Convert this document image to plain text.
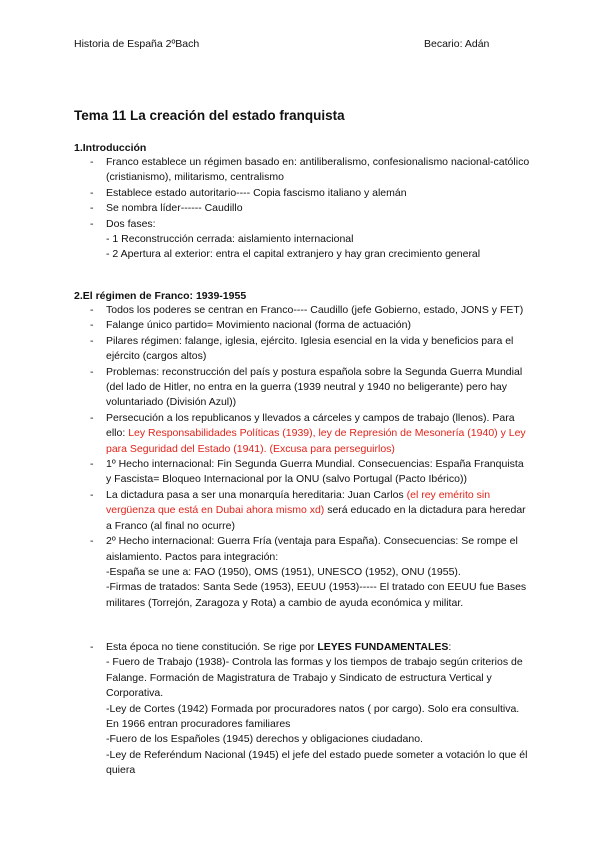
Historia de España 2ºBach	Becario: Adán
Tema 11 La creación del estado franquista
1.Introducción
- Franco establece un régimen basado en: antiliberalismo, confesionalismo nacional-católico (cristianismo), militarismo, centralismo
- Establece estado autoritario---- Copia fascismo italiano y alemán
- Se nombra líder------ Caudillo
- Dos fases:
- 1 Reconstrucción cerrada: aislamiento internacional
- 2 Apertura al exterior: entra el capital extranjero y hay gran crecimiento general
2.El régimen de Franco: 1939-1955
- Todos los poderes se centran en Franco---- Caudillo (jefe Gobierno, estado, JONS y FET)
- Falange único partido= Movimiento nacional (forma de actuación)
- Pilares régimen: falange, iglesia, ejército. Iglesia esencial en la vida y beneficios para el ejército (cargos altos)
- Problemas: reconstrucción del país y postura española sobre la Segunda Guerra Mundial (del lado de Hitler, no entra en la guerra (1939 neutral y 1940 no beligerante) pero hay voluntariado (División Azul))
- Persecución a los republicanos y llevados a cárceles y campos de trabajo (llenos). Para ello: Ley Responsabilidades Políticas (1939), ley de Represión de Mesonería (1940) y Ley para Seguridad del Estado (1941). (Excusa para perseguirlos)
- 1º Hecho internacional: Fin Segunda Guerra Mundial. Consecuencias: España Franquista y Fascista= Bloqueo Internacional por la ONU (salvo Portugal (Pacto Ibérico))
- La dictadura pasa a ser una monarquía hereditaria: Juan Carlos (el rey emérito sin vergüenza que está en Dubai ahora mismo xd) será educado en la dictadura para heredar a Franco (al final no ocurre)
- 2º Hecho internacional: Guerra Fría (ventaja para España). Consecuencias: Se rompe el aislamiento. Pactos para integración:
-España se une a: FAO (1950), OMS (1951), UNESCO (1952), ONU (1955).
-Firmas de tratados: Santa Sede (1953), EEUU (1953)----- El tratado con EEUU fue Bases militares (Torrejón, Zaragoza y Rota) a cambio de ayuda económica y militar.
- Esta época no tiene constitución. Se rige por LEYES FUNDAMENTALES:
- Fuero de Trabajo (1938)- Controla las formas y los tiempos de trabajo según criterios de Falange. Formación de Magistratura de Trabajo y Sindicato de estructura Vertical y Corporativa.
-Ley de Cortes (1942) Formada por procuradores natos ( por cargo). Solo era consultiva. En 1966 entran procuradores familiares
-Fuero de los Españoles (1945) derechos y obligaciones ciudadano.
-Ley de Referéndum Nacional (1945) el jefe del estado puede someter a votación lo que él quiera
